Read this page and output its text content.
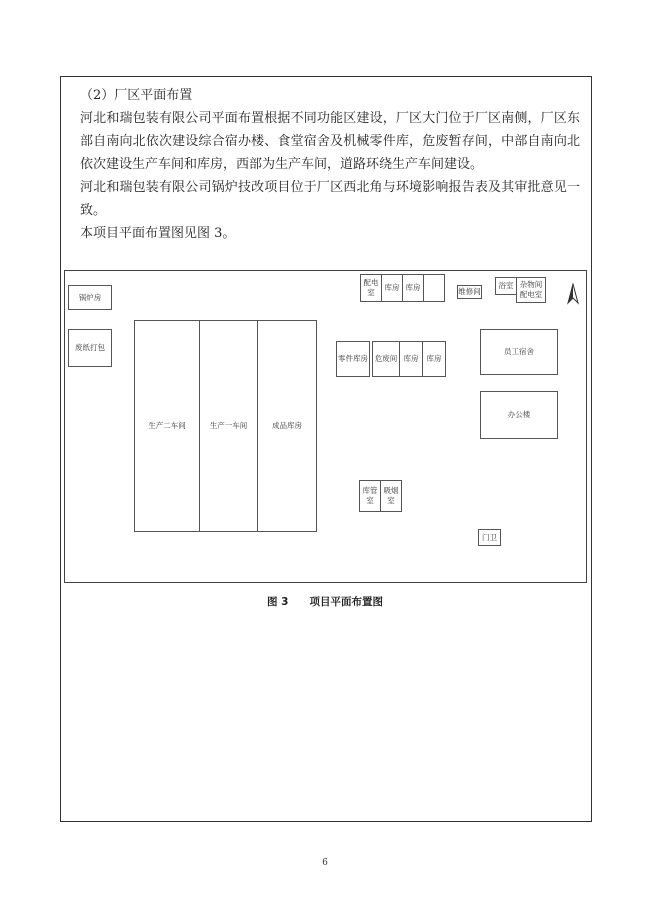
（2）厂区平面布置

河北和瑞包装有限公司平面布置根据不同功能区建设，厂区大门位于厂区南侧，厂区东部自南向北依次建设综合宿办楼、食堂宿舍及机械零件库，危废暂存间，中部自南向北依次建设生产车间和库房，西部为生产车间，道路环绕生产车间建设。

河北和瑞包装有限公司锅炉技改项目位于厂区西北角与环境影响报告表及其审批意见一致。

本项目平面布置图见图 3。

锅炉房
废纸打包
生产二车间	生产一车间	成品库房
配电室
库房 库房	维修间
浴室 杂物间配电室
零件库房 危废间 库房	库房
员工宿舍
办公楼
库管室
吸烟室
门卫
图 3　　项目平面布置图
6
